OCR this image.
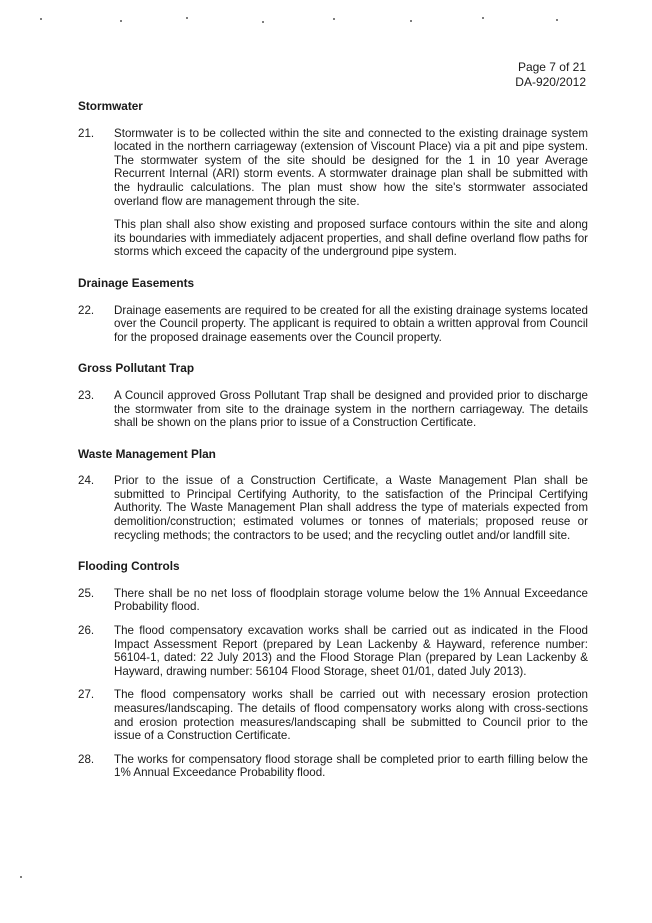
Page 7 of 21
DA-920/2012
Stormwater
21.	Stormwater is to be collected within the site and connected to the existing drainage system located in the northern carriageway (extension of Viscount Place) via a pit and pipe system. The stormwater system of the site should be designed for the 1 in 10 year Average Recurrent Internal (ARI) storm events. A stormwater drainage plan shall be submitted with the hydraulic calculations. The plan must show how the site's stormwater associated overland flow are management through the site.

This plan shall also show existing and proposed surface contours within the site and along its boundaries with immediately adjacent properties, and shall define overland flow paths for storms which exceed the capacity of the underground pipe system.

Drainage Easements
22.	Drainage easements are required to be created for all the existing drainage systems located over the Council property. The applicant is required to obtain a written approval from Council for the proposed drainage easements over the Council property.

Gross Pollutant Trap
23.	A Council approved Gross Pollutant Trap shall be designed and provided prior to discharge the stormwater from site to the drainage system in the northern carriageway. The details shall be shown on the plans prior to issue of a Construction Certificate.

Waste Management Plan
24.	Prior to the issue of a Construction Certificate, a Waste Management Plan shall be submitted to Principal Certifying Authority, to the satisfaction of the Principal Certifying Authority. The Waste Management Plan shall address the type of materials expected from demolition/construction; estimated volumes or tonnes of materials; proposed reuse or recycling methods; the contractors to be used; and the recycling outlet and/or landfill site.

Flooding Controls
25.	There shall be no net loss of floodplain storage volume below the 1% Annual Exceedance Probability flood.

26.	The flood compensatory excavation works shall be carried out as indicated in the Flood Impact Assessment Report (prepared by Lean Lackenby & Hayward, reference number: 56104-1, dated: 22 July 2013) and the Flood Storage Plan (prepared by Lean Lackenby & Hayward, drawing number: 56104 Flood Storage, sheet 01/01, dated July 2013).

27.	The flood compensatory works shall be carried out with necessary erosion protection measures/landscaping. The details of flood compensatory works along with cross-sections and erosion protection measures/landscaping shall be submitted to Council prior to the issue of a Construction Certificate.

28.	The works for compensatory flood storage shall be completed prior to earth filling below the 1% Annual Exceedance Probability flood.
